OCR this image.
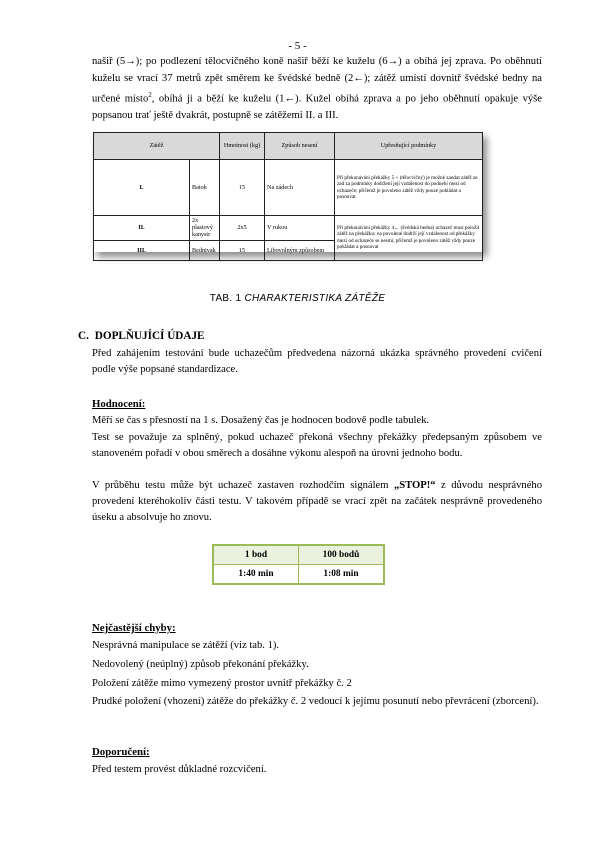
- 5 -
našiř (5→); po podlezení tělocvičného koně našiř běží ke kuželu (6→) a obíhá jej zprava. Po oběhnutí kuželu se vrací 37 metrů zpět směrem ke švédské bedně (2←); zátěž umístí dovnitř švédské bedny na určené místo$^2$, obíhá ji a běží ke kuželu (1←). Kužel obíhá zprava a po jeho oběhnutí opakuje výše popsanou trať ještě dvakrát, postupně se zátěžemi II. a III.
Zátěž		Hmotnost (kg)	Způsob nesení	Upřesňující podmínky
I.	Batoh	15	Na zádech	Při překonávání překážky 5 + (tělocvičný) je možné zandat zátěž ze zad za podmínky dodržení její vzdálenost do podnebí mezi od uchazeče; přičemž je povoleno zátěž vždy pouze pokládat a posouvat
II.	2x plastový kanystr	2x5	V rukou	Při překonávání překážky 4← (švédská bedna) uchazeč musí položit zátěž na překážku; na povolené dodrží její vzdálenost od překážky mezi od uchazeče se nesmí, přičemž je povoleno zátěž vždy pouze pokládat a posouvat
III.	Bednivak	15	Libovolným způsobem	
TAB. 1 CHARAKTERISTIKA ZÁTĚŽE
C. DOPLŇUJÍCÍ ÚDAJE
Před zahájením testování bude uchazečům předvedena názorná ukázka správného provedení cvičení podle výše popsané standardizace.
Hodnocení:
Měří se čas s přesností na 1 s. Dosažený čas je hodnocen bodově podle tabulek.
Test se považuje za splněný, pokud uchazeč překoná všechny překážky předepsaným způsobem ve stanoveném pořadí v obou směrech a dosáhne výkonu alespoň na úrovni jednoho bodu.
V průběhu testu může být uchazeč zastaven rozhodčím signálem „STOP!“ z důvodu nesprávného provedení kteréhokoliv části testu. V takovém případě se vrací zpět na začátek nesprávně provedeného úseku a absolvuje ho znovu.
1 bod	100 bodů
1:40 min	1:08 min
Nejčastější chyby:
Nesprávná manipulace se zátěží (viz tab. 1).
Nedovolený (neúplný) způsob překonání překážky.
Položení zátěže mimo vymezený prostor uvnitř překážky č. 2
Prudké položení (vhození) zátěže do překážky č. 2 vedoucí k jejímu posunutí nebo převrácení (zborcení).
Doporučení:
Před testem provést důkladné rozcvičení.
